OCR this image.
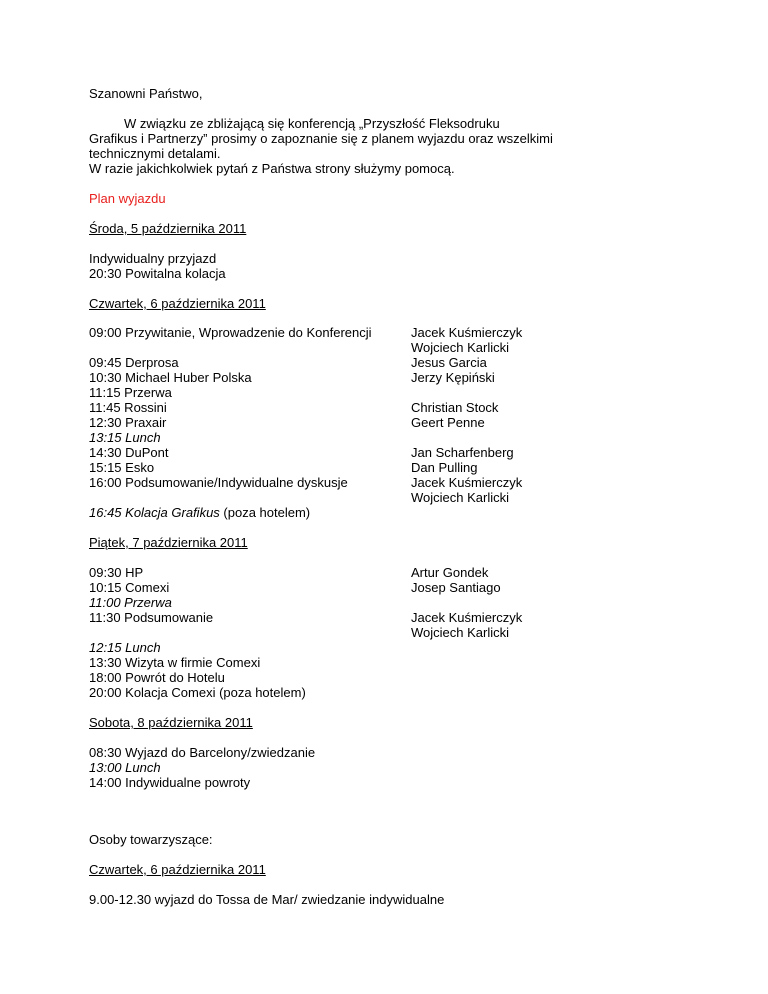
Szanowni Państwo,
W związku ze zbliżającą się konferencją „Przyszłość Fleksodruku
Grafikus i Partnerzy” prosimy o zapoznanie się z planem wyjazdu oraz wszelkimi
technicznymi detalami.
W razie jakichkolwiek pytań z Państwa strony służymy pomocą.
Plan wyjazdu
Środa, 5 października 2011
Indywidualny przyjazd
20:30 Powitalna kolacja
Czwartek, 6 października 2011
09:00 Przywitanie, Wprowadzenie do Konferencji
09:45 Derprosa
10:30 Michael Huber Polska
11:15 Przerwa
11:45 Rossini
12:30 Praxair
13:15 Lunch
14:30 DuPont
15:15 Esko
16:00 Podsumowanie/Indywidualne dyskusje
16:45 Kolacja Grafikus (poza hotelem)
Jacek Kuśmierczyk
Wojciech Karlicki
Jesus Garcia
Jerzy Kępiński
Christian Stock
Geert Penne
Jan Scharfenberg
Dan Pulling
Jacek Kuśmierczyk
Wojciech Karlicki
Piątek, 7 października 2011
09:30 HP
10:15 Comexi
11:00 Przerwa
11:30 Podsumowanie
12:15 Lunch
13:30 Wizyta w firmie Comexi
18:00 Powrót do Hotelu
20:00 Kolacja Comexi (poza hotelem)
Artur Gondek
Josep Santiago
Jacek Kuśmierczyk
Wojciech Karlicki
Sobota, 8 października 2011
08:30 Wyjazd do Barcelony/zwiedzanie
13:00 Lunch
14:00 Indywidualne powroty
Osoby towarzyszące:
Czwartek, 6 października 2011
9.00-12.30 wyjazd do Tossa de Mar/ zwiedzanie indywidualne
